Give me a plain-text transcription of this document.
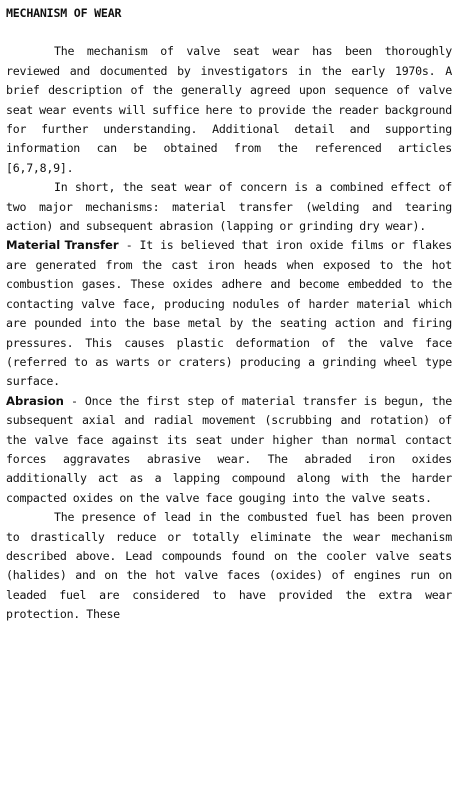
MECHANISM OF WEAR

The mechanism of valve seat wear has been thoroughly reviewed and documented by investigators in the early 1970s. A brief description of the generally agreed upon sequence of valve seat wear events will suffice here to provide the reader background for further understanding. Additional detail and supporting information can be obtained from the referenced articles [6,7,8,9].

In short, the seat wear of concern is a combined effect of two major mechanisms: material transfer (welding and tearing action) and subsequent abrasion (lapping or grinding dry wear).

Material Transfer - It is believed that iron oxide films or flakes are generated from the cast iron heads when exposed to the hot combustion gases. These oxides adhere and become embedded to the contacting valve face, producing nodules of harder material which are pounded into the base metal by the seating action and firing pressures. This causes plastic deformation of the valve face (referred to as warts or craters) producing a grinding wheel type surface.

Abrasion - Once the first step of material transfer is begun, the subsequent axial and radial movement (scrubbing and rotation) of the valve face against its seat under higher than normal contact forces aggravates abrasive wear. The abraded iron oxides additionally act as a lapping compound along with the harder compacted oxides on the valve face gouging into the valve seats.

The presence of lead in the combusted fuel has been proven to drastically reduce or totally eliminate the wear mechanism described above. Lead compounds found on the cooler valve seats (halides) and on the hot valve faces (oxides) of engines run on leaded fuel are considered to have provided the extra wear protection. These
